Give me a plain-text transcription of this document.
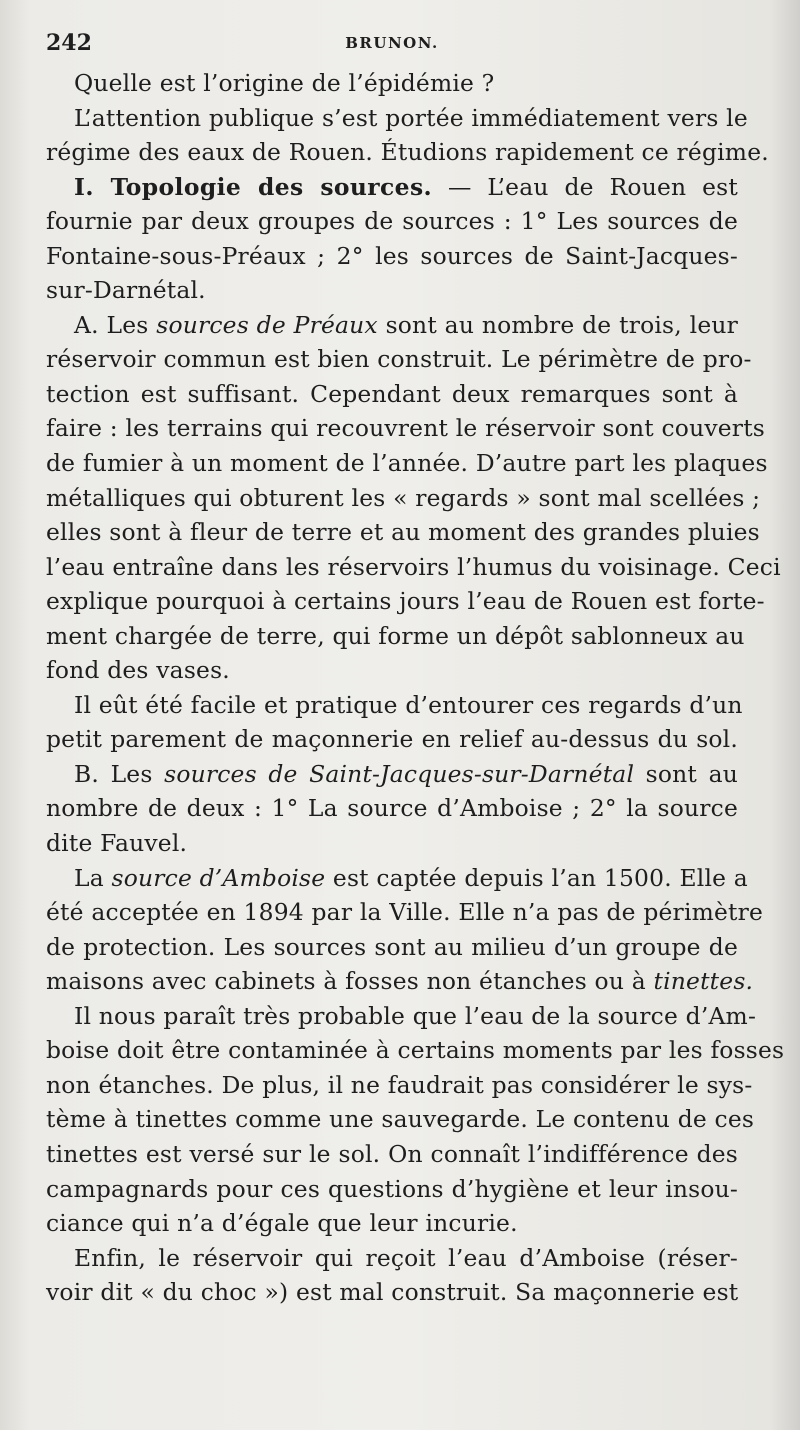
242	BRUNON.
Quelle est l’origine de l’épidémie ?
L’attention publique s’est portée immédiatement vers le
régime des eaux de Rouen. Étudions rapidement ce régime.
I. Topologie des sources. — L’eau de Rouen est
fournie par deux groupes de sources : 1° Les sources de
Fontaine-sous-Préaux ; 2° les sources de Saint-Jacques-
sur-Darnétal.
A. Les sources de Préaux sont au nombre de trois, leur
réservoir commun est bien construit. Le périmètre de pro-
tection est suffisant. Cependant deux remarques sont à
faire : les terrains qui recouvrent le réservoir sont couverts
de fumier à un moment de l’année. D’autre part les plaques
métalliques qui obturent les « regards » sont mal scellées ;
elles sont à fleur de terre et au moment des grandes pluies
l’eau entraîne dans les réservoirs l’humus du voisinage. Ceci
explique pourquoi à certains jours l’eau de Rouen est forte-
ment chargée de terre, qui forme un dépôt sablonneux au
fond des vases.
Il eût été facile et pratique d’entourer ces regards d’un
petit parement de maçonnerie en relief au-dessus du sol.
B. Les sources de Saint-Jacques-sur-Darnétal sont au
nombre de deux : 1° La source d’Amboise ; 2° la source
dite Fauvel.
La source d’Amboise est captée depuis l’an 1500. Elle a
été acceptée en 1894 par la Ville. Elle n’a pas de périmètre
de protection. Les sources sont au milieu d’un groupe de
maisons avec cabinets à fosses non étanches ou à tinettes.
Il nous paraît très probable que l’eau de la source d’Am-
boise doit être contaminée à certains moments par les fosses
non étanches. De plus, il ne faudrait pas considérer le sys-
tème à tinettes comme une sauvegarde. Le contenu de ces
tinettes est versé sur le sol. On connaît l’indifférence des
campagnards pour ces questions d’hygiène et leur insou-
ciance qui n’a d’égale que leur incurie.
Enfin, le réservoir qui reçoit l’eau d’Amboise (réser-
voir dit « du choc ») est mal construit. Sa maçonnerie est
